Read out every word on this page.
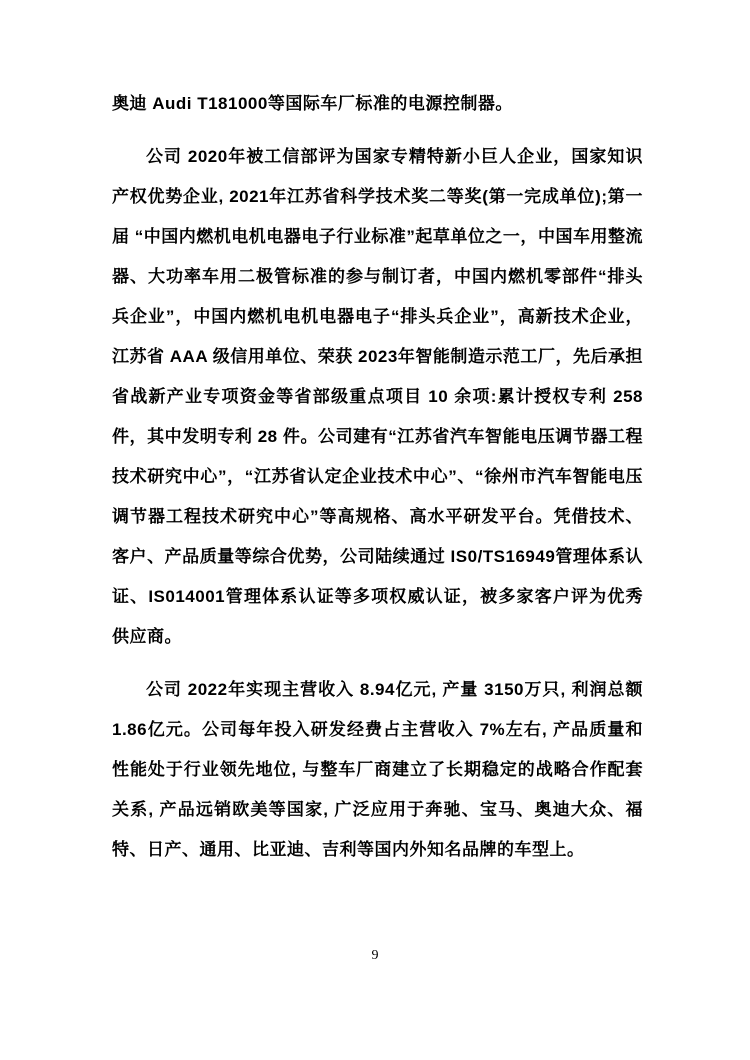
奥迪 Audi T181000等国际车厂标准的电源控制器。

公司 2020年被工信部评为国家专精特新小巨人企业，国家知识产权优势企业, 2021年江苏省科学技术奖二等奖(第一完成单位);第一届 “中国内燃机电机电器电子行业标准”起草单位之一，中国车用整流器、大功率车用二极管标准的参与制订者，中国内燃机零部件“排头兵企业”，中国内燃机电机电器电子“排头兵企业”，高新技术企业，江苏省 AAA 级信用单位、荣获 2023年智能制造示范工厂，先后承担省战新产业专项资金等省部级重点项目 10 余项:累计授权专利 258 件，其中发明专利 28 件。公司建有“江苏省汽车智能电压调节器工程技术研究中心”，“江苏省认定企业技术中心”、“徐州市汽车智能电压调节器工程技术研究中心”等高规格、高水平研发平台。凭借技术、客户、产品质量等综合优势，公司陆续通过 IS0/TS16949管理体系认证、IS014001管理体系认证等多项权威认证，被多家客户评为优秀供应商。

公司 2022年实现主营收入 8.94亿元, 产量 3150万只, 利润总额 1.86亿元。公司每年投入研发经费占主营收入 7%左右, 产品质量和性能处于行业领先地位, 与整车厂商建立了长期稳定的战略合作配套关系, 产品远销欧美等国家, 广泛应用于奔驰、宝马、奥迪大众、福特、日产、通用、比亚迪、吉利等国内外知名品牌的车型上。

9
